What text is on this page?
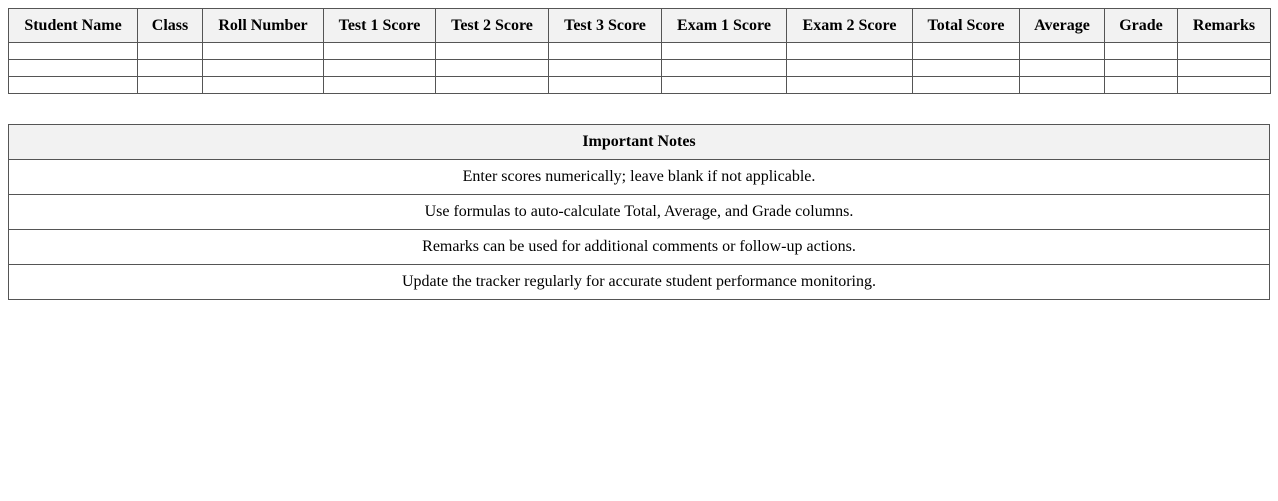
Student Name	Class	Roll Number	Test 1 Score	Test 2 Score	Test 3 Score	Exam 1 Score	Exam 2 Score	Total Score	Average	Grade	Remarks

Important Notes
Enter scores numerically; leave blank if not applicable.
Use formulas to auto-calculate Total, Average, and Grade columns.
Remarks can be used for additional comments or follow-up actions.
Update the tracker regularly for accurate student performance monitoring.
